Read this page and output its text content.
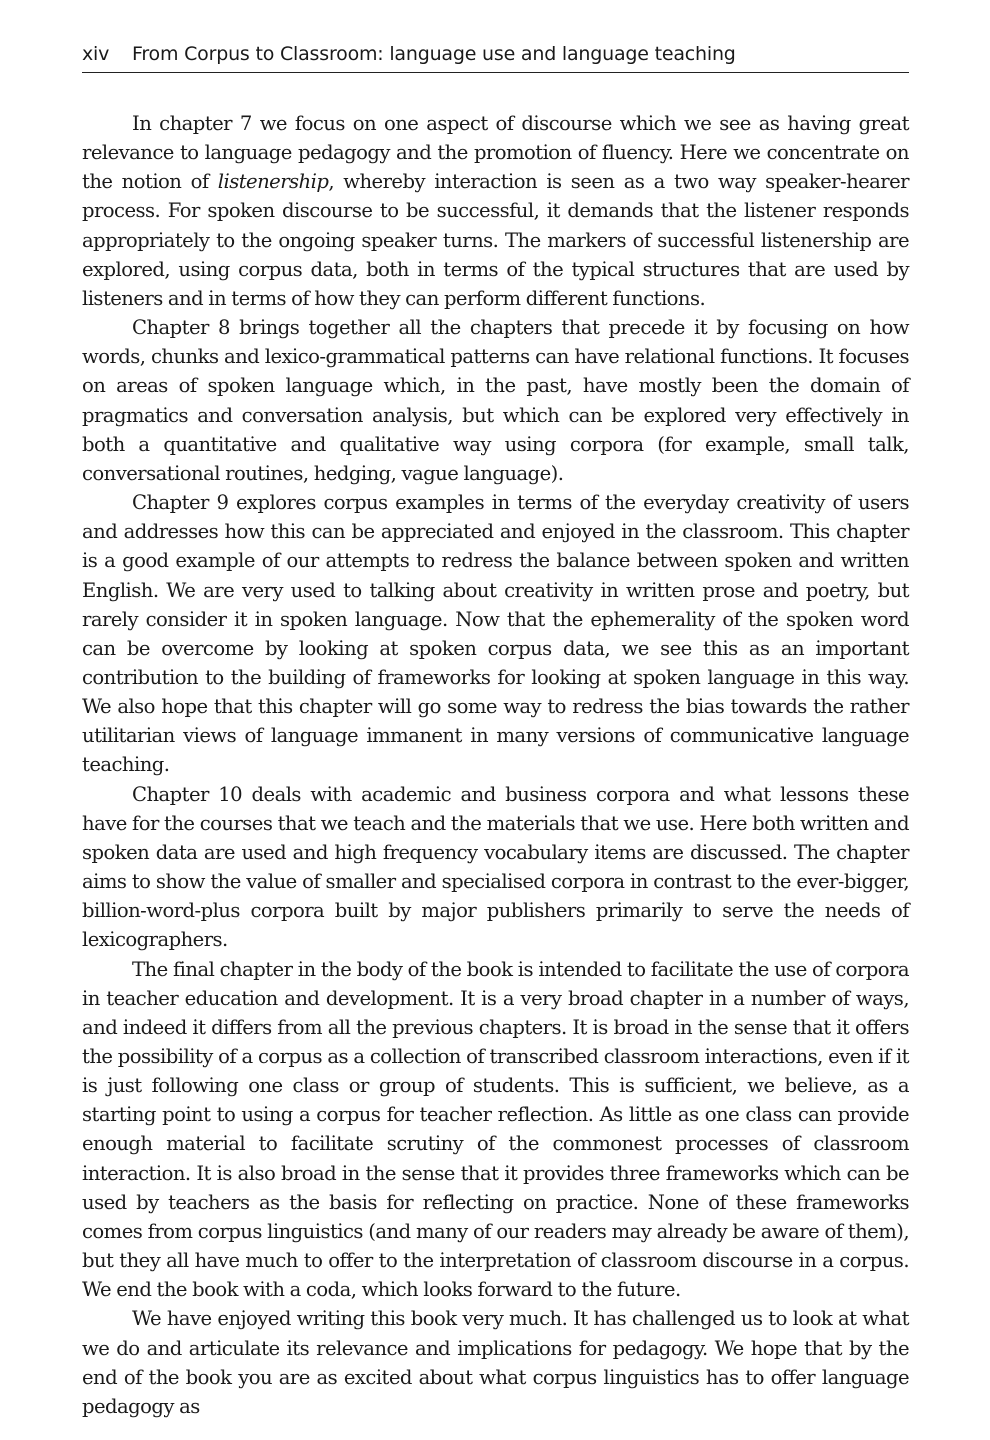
xiv	From Corpus to Classroom: language use and language teaching

In chapter 7 we focus on one aspect of discourse which we see as having great relevance to language pedagogy and the promotion of fluency. Here we concentrate on the notion of listenership, whereby interaction is seen as a two way speaker-hearer process. For spoken discourse to be successful, it demands that the listener responds appropriately to the ongoing speaker turns. The markers of successful listenership are explored, using corpus data, both in terms of the typical structures that are used by listeners and in terms of how they can perform different functions.

Chapter 8 brings together all the chapters that precede it by focusing on how words, chunks and lexico-grammatical patterns can have relational functions. It focuses on areas of spoken language which, in the past, have mostly been the domain of pragmatics and conversation analysis, but which can be explored very effectively in both a quantitative and qualitative way using corpora (for example, small talk, conversational routines, hedging, vague language).

Chapter 9 explores corpus examples in terms of the everyday creativity of users and addresses how this can be appreciated and enjoyed in the classroom. This chapter is a good example of our attempts to redress the balance between spoken and written English. We are very used to talking about creativity in written prose and poetry, but rarely consider it in spoken language. Now that the ephemerality of the spoken word can be overcome by looking at spoken corpus data, we see this as an important contribution to the building of frameworks for looking at spoken language in this way. We also hope that this chapter will go some way to redress the bias towards the rather utilitarian views of language immanent in many versions of communicative language teaching.

Chapter 10 deals with academic and business corpora and what lessons these have for the courses that we teach and the materials that we use. Here both written and spoken data are used and high frequency vocabulary items are discussed. The chapter aims to show the value of smaller and specialised corpora in contrast to the ever-bigger, billion-word-plus corpora built by major publishers primarily to serve the needs of lexicographers.

The final chapter in the body of the book is intended to facilitate the use of corpora in teacher education and development. It is a very broad chapter in a number of ways, and indeed it differs from all the previous chapters. It is broad in the sense that it offers the possibility of a corpus as a collection of transcribed classroom interactions, even if it is just following one class or group of students. This is sufficient, we believe, as a starting point to using a corpus for teacher reflection. As little as one class can provide enough material to facilitate scrutiny of the commonest processes of classroom interaction. It is also broad in the sense that it provides three frameworks which can be used by teachers as the basis for reflecting on practice. None of these frameworks comes from corpus linguistics (and many of our readers may already be aware of them), but they all have much to offer to the interpretation of classroom discourse in a corpus. We end the book with a coda, which looks forward to the future.

We have enjoyed writing this book very much. It has challenged us to look at what we do and articulate its relevance and implications for pedagogy. We hope that by the end of the book you are as excited about what corpus linguistics has to offer language pedagogy as
